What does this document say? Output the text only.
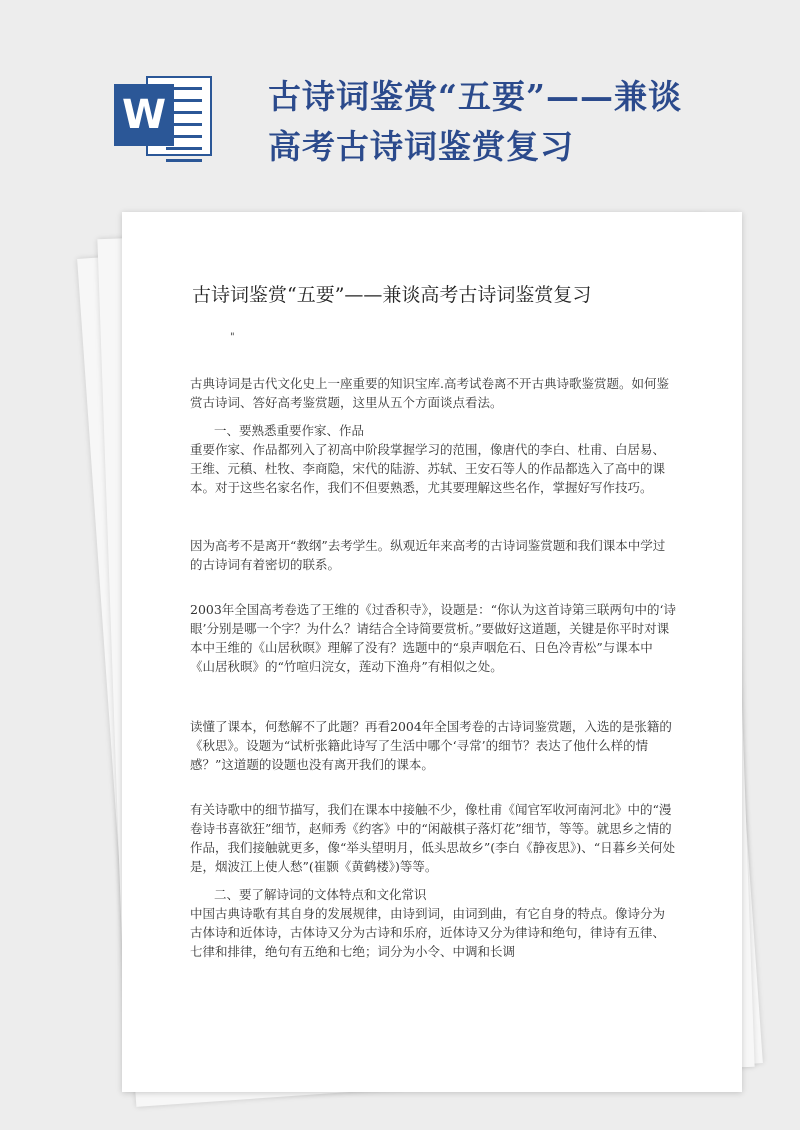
W	古诗词鉴赏“五要”——兼谈
高考古诗词鉴赏复习
古诗词鉴赏“五要”——兼谈高考古诗词鉴赏复习
"

古典诗词是古代文化史上一座重要的知识宝库.高考试卷离不开古典诗歌鉴赏题。如何鉴赏古诗词、答好高考鉴赏题，这里从五个方面谈点看法。

一、要熟悉重要作家、作品

重要作家、作品都列入了初高中阶段掌握学习的范围，像唐代的李白、杜甫、白居易、王维、元稹、杜牧、李商隐，宋代的陆游、苏轼、王安石等人的作品都选入了高中的课本。对于这些名家名作，我们不但要熟悉，尤其要理解这些名作，掌握好写作技巧。

因为高考不是离开“教纲”去考学生。纵观近年来高考的古诗词鉴赏题和我们课本中学过的古诗词有着密切的联系。

2003年全国高考卷选了王维的《过香积寺》，设题是：“你认为这首诗第三联两句中的‘诗眼’分别是哪一个字？为什么？请结合全诗简要赏析。”要做好这道题，关键是你平时对课本中王维的《山居秋暝》理解了没有？选题中的“泉声咽危石、日色冷青松”与课本中《山居秋暝》的“竹喧归浣女，莲动下渔舟”有相似之处。

读懂了课本，何愁解不了此题？再看2004年全国考卷的古诗词鉴赏题，入选的是张籍的《秋思》。设题为“试析张籍此诗写了生活中哪个‘寻常’的细节？表达了他什么样的情感？”这道题的设题也没有离开我们的课本。

有关诗歌中的细节描写，我们在课本中接触不少，像杜甫《闻官军收河南河北》中的“漫卷诗书喜欲狂”细节，赵师秀《约客》中的“闲敲棋子落灯花”细节，等等。就思乡之情的作品，我们接触就更多，像“举头望明月，低头思故乡”(李白《静夜思》)、“日暮乡关何处是，烟波江上使人愁”(崔颢《黄鹤楼》)等等。

二、要了解诗词的文体特点和文化常识

中国古典诗歌有其自身的发展规律，由诗到词，由词到曲，有它自身的特点。像诗分为古体诗和近体诗，古体诗又分为古诗和乐府，近体诗又分为律诗和绝句，律诗有五律、七律和排律，绝句有五绝和七绝；词分为小令、中调和长调
